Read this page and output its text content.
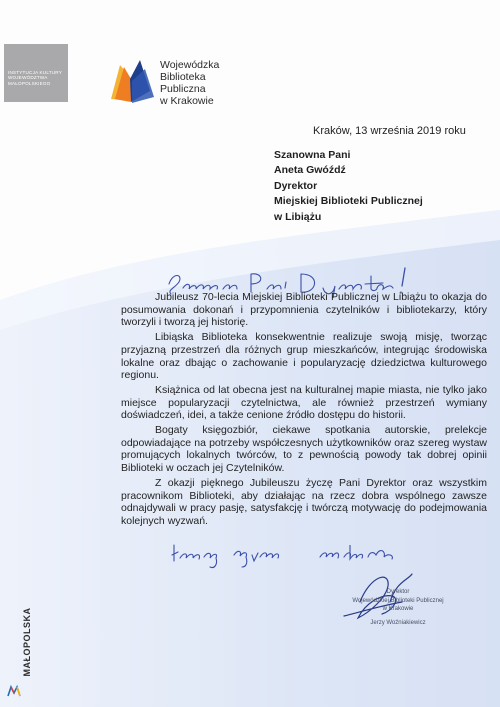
INSTYTUCJA KULTURY
WOJEWÓDZTWA
MAŁOPOLSKIEGO
Wojewódzka
Biblioteka
Publiczna
w Krakowie
Kraków, 13 września 2019 roku
Szanowna Pani
Aneta Gwóźdź
Dyrektor
Miejskiej Biblioteki Publicznej
w Libiążu

Jubileusz 70-lecia Miejskiej Biblioteki Publicznej w Libiążu to okazja do posumowania dokonań i przypomnienia czytelników i bibliotekarzy, który tworzyli i tworzą jej historię.

Libiąska Biblioteka konsekwentnie realizuje swoją misję, tworząc przyjazną przestrzeń dla różnych grup mieszkańców, integrując środowiska lokalne oraz dbając o zachowanie i popularyzację dziedzictwa kulturowego regionu.

Książnica od lat obecna jest na kulturalnej mapie miasta, nie tylko jako miejsce popularyzacji czytelnictwa, ale również przestrzeń wymiany doświadczeń, idei, a także cenione źródło dostępu do historii.

Bogaty księgozbiór, ciekawe spotkania autorskie, prelekcje odpowiadające na potrzeby współczesnych użytkowników oraz szereg wystaw promujących lokalnych twórców, to z pewnością powody tak dobrej opinii Biblioteki w oczach jej Czytelników.

Z okazji pięknego Jubileuszu życzę Pani Dyrektor oraz wszystkim pracownikom Biblioteki, aby działając na rzecz dobra wspólnego zawsze odnajdywali w pracy pasję, satysfakcję i twórczą motywację do podejmowania kolejnych wyzwań.

Dyrektor
Wojewódzkiej Biblioteki Publicznej
w Krakowie
Jerzy Woźniakiewicz
MAŁOPOLSKA
